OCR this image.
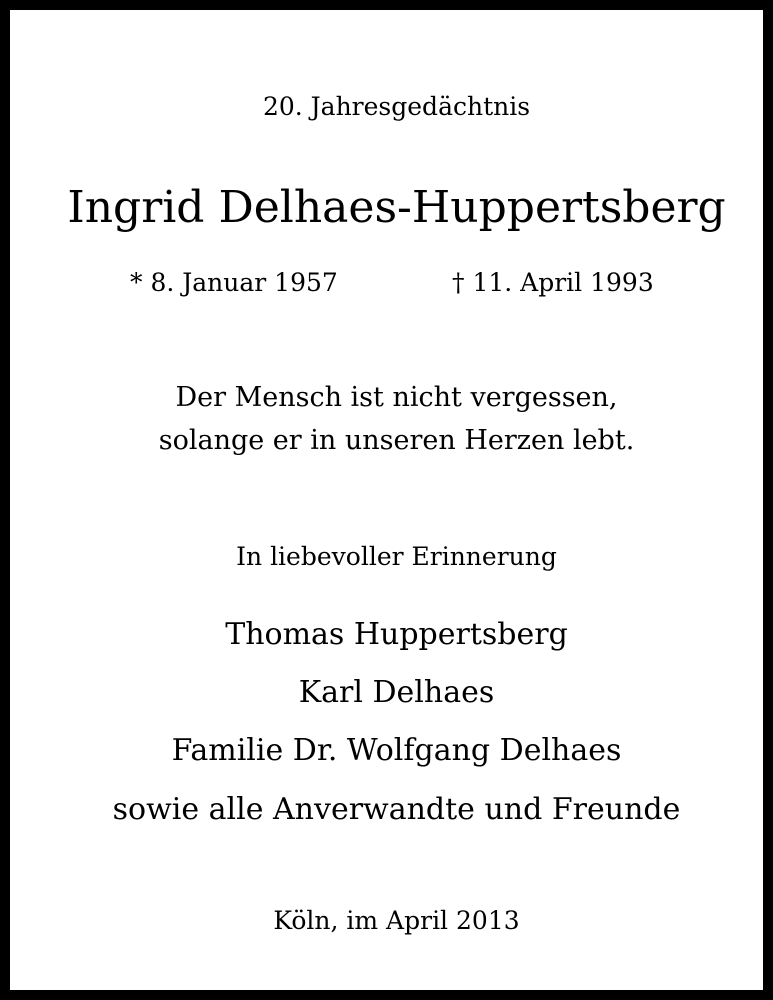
20. Jahresgedächtnis
Ingrid Delhaes-Huppertsberg
* 8. Januar 1957	† 11. April 1993
Der Mensch ist nicht vergessen,
solange er in unseren Herzen lebt.
In liebevoller Erinnerung
Thomas Huppertsberg
Karl Delhaes
Familie Dr. Wolfgang Delhaes
sowie alle Anverwandte und Freunde
Köln, im April 2013
